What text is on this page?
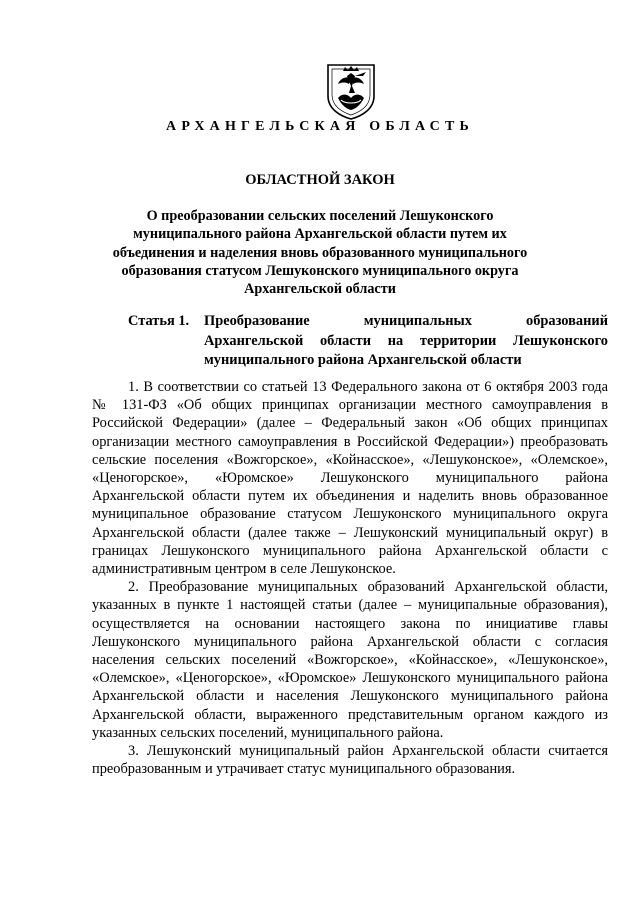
АРХАНГЕЛЬСКАЯ ОБЛАСТЬ
ОБЛАСТНОЙ ЗАКОН
О преобразовании сельских поселений Лешуконского муниципального района Архангельской области путем их объединения и наделения вновь образованного муниципального образования статусом Лешуконского муниципального округа Архангельской области
Статья 1.	Преобразование муниципальных образований Архангельской области на территории Лешуконского муниципального района Архангельской области

1. В соответствии со статьей 13 Федерального закона от 6 октября 2003 года № 131-ФЗ «Об общих принципах организации местного самоуправления в Российской Федерации» (далее – Федеральный закон «Об общих принципах организации местного самоуправления в Российской Федерации») преобразовать сельские поселения «Вожгорское», «Койнасское», «Лешуконское», «Олемское», «Ценогорское», «Юромское» Лешуконского муниципального района Архангельской области путем их объединения и наделить вновь образованное муниципальное образование статусом Лешуконского муниципального округа Архангельской области (далее также – Лешуконский муниципальный округ) в границах Лешуконского муниципального района Архангельской области с административным центром в селе Лешуконское.

2. Преобразование муниципальных образований Архангельской области, указанных в пункте 1 настоящей статьи (далее – муниципальные образования), осуществляется на основании настоящего закона по инициативе главы Лешуконского муниципального района Архангельской области с согласия населения сельских поселений «Вожгорское», «Койнасское», «Лешуконское», «Олемское», «Ценогорское», «Юромское» Лешуконского муниципального района Архангельской области и населения Лешуконского муниципального района Архангельской области, выраженного представительным органом каждого из указанных сельских поселений, муниципального района.

3. Лешуконский муниципальный район Архангельской области считается преобразованным и утрачивает статус муниципального образования.
